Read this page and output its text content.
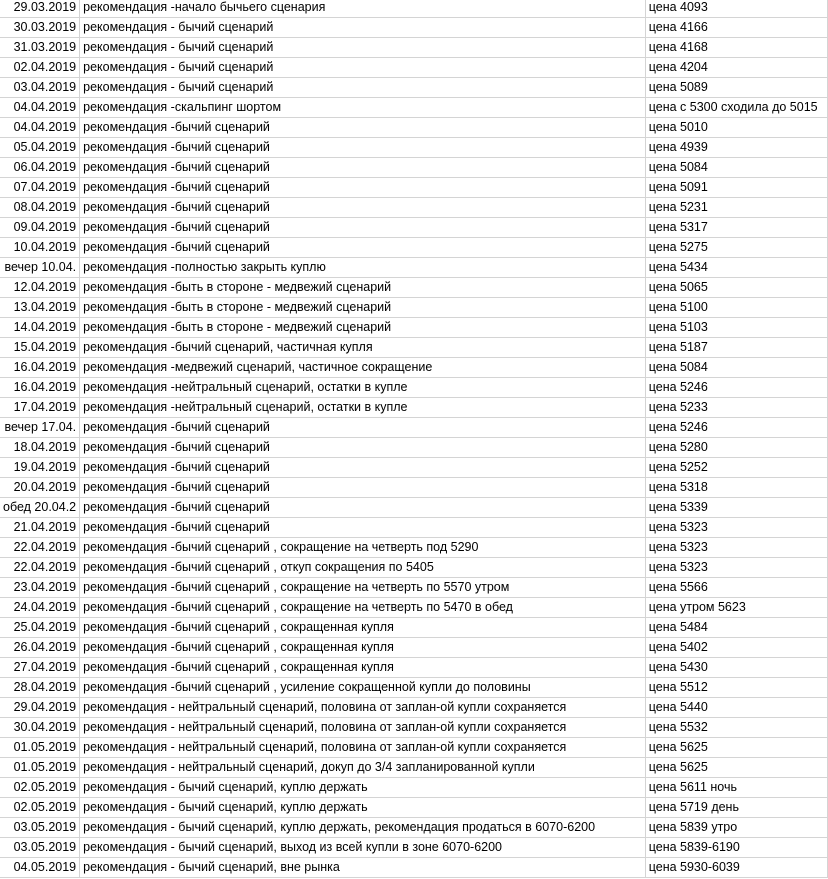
29.03.2019	рекомендация -начало бычьего сценария	цена 4093
30.03.2019	рекомендация - бычий сценарий	цена 4166
31.03.2019	рекомендация - бычий сценарий	цена 4168
02.04.2019	рекомендация - бычий сценарий	цена 4204
03.04.2019	рекомендация - бычий сценарий	цена 5089
04.04.2019	рекомендация -скальпинг шортом	цена с 5300 сходила до 5015
04.04.2019	рекомендация -бычий сценарий	цена 5010
05.04.2019	рекомендация -бычий сценарий	цена 4939
06.04.2019	рекомендация -бычий сценарий	цена 5084
07.04.2019	рекомендация -бычий сценарий	цена 5091
08.04.2019	рекомендация -бычий сценарий	цена 5231
09.04.2019	рекомендация -бычий сценарий	цена 5317
10.04.2019	рекомендация -бычий сценарий	цена 5275
вечер 10.04.	рекомендация -полностью закрыть куплю	цена 5434
12.04.2019	рекомендация -быть в стороне - медвежий сценарий	цена 5065
13.04.2019	рекомендация -быть в стороне - медвежий сценарий	цена 5100
14.04.2019	рекомендация -быть в стороне - медвежий сценарий	цена 5103
15.04.2019	рекомендация -бычий сценарий, частичная купля	цена 5187
16.04.2019	рекомендация -медвежий сценарий, частичное сокращение	цена 5084
16.04.2019	рекомендация -нейтральный сценарий, остатки в купле	цена 5246
17.04.2019	рекомендация -нейтральный сценарий, остатки в купле	цена 5233
вечер 17.04.	рекомендация -бычий сценарий	цена 5246
18.04.2019	рекомендация -бычий сценарий	цена 5280
19.04.2019	рекомендация -бычий сценарий	цена 5252
20.04.2019	рекомендация -бычий сценарий	цена 5318
обед 20.04.2	рекомендация -бычий сценарий	цена 5339
21.04.2019	рекомендация -бычий сценарий	цена 5323
22.04.2019	рекомендация -бычий сценарий , сокращение на четверть под 5290	цена 5323
22.04.2019	рекомендация -бычий сценарий , откуп сокращения по 5405	цена 5323
23.04.2019	рекомендация -бычий сценарий , сокращение на четверть по 5570 утром	цена 5566
24.04.2019	рекомендация -бычий сценарий , сокращение на четверть по 5470 в обед	цена утром 5623
25.04.2019	рекомендация -бычий сценарий , сокращенная купля	цена 5484
26.04.2019	рекомендация -бычий сценарий , сокращенная купля	цена 5402
27.04.2019	рекомендация -бычий сценарий , сокращенная купля	цена 5430
28.04.2019	рекомендация -бычий сценарий , усиление сокращенной купли до половины	цена 5512
29.04.2019	рекомендация - нейтральный сценарий, половина от заплан-ой купли сохраняется	цена 5440
30.04.2019	рекомендация - нейтральный сценарий, половина от заплан-ой купли сохраняется	цена 5532
01.05.2019	рекомендация - нейтральный сценарий, половина от заплан-ой купли сохраняется	цена 5625
01.05.2019	рекомендация - нейтральный сценарий, докуп до 3/4 запланированной купли	цена 5625
02.05.2019	рекомендация - бычий сценарий, куплю держать	цена 5611 ночь
02.05.2019	рекомендация - бычий сценарий, куплю держать	цена 5719 день
03.05.2019	рекомендация - бычий сценарий, куплю держать, рекомендация продаться в 6070-6200	цена 5839 утро
03.05.2019	рекомендация - бычий сценарий, выход из всей купли в зоне 6070-6200	цена 5839-6190
04.05.2019	рекомендация - бычий сценарий, вне рынка	цена 5930-6039
